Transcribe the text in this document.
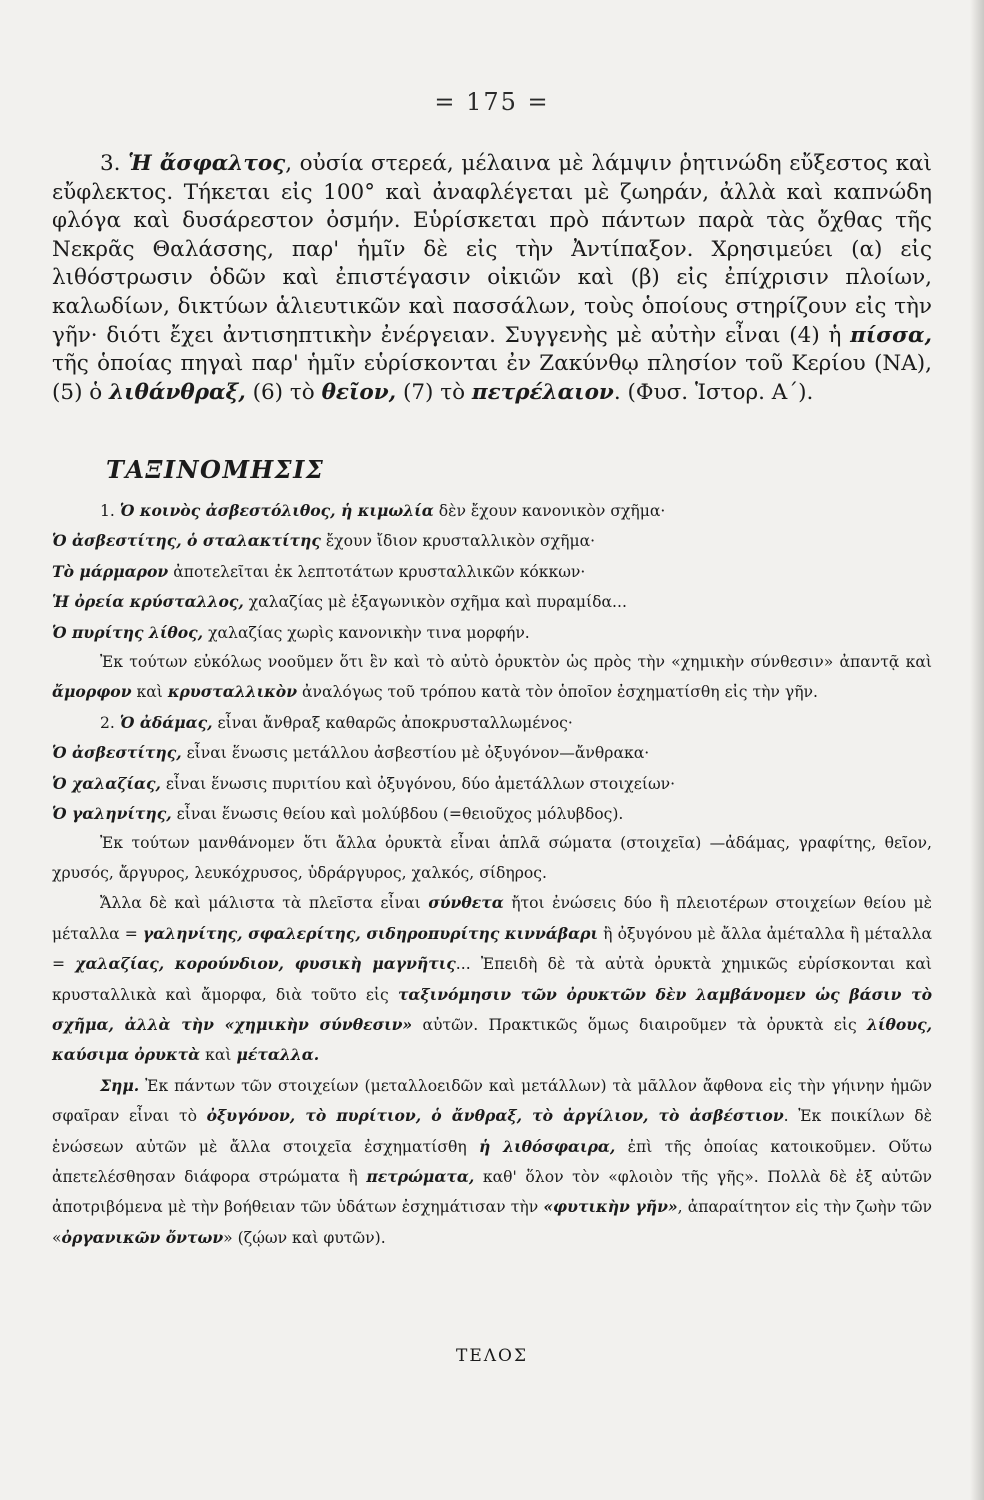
= 175 =
3. Ἡ ἄσφαλτος, οὐσία στερεά, μέλαινα μὲ λάμψιν ῥητινώδη εὔξεστος καὶ εὔφλεκτος. Τήκεται εἰς 100° καὶ ἀναφλέγεται μὲ ζωηράν, ἀλλὰ καὶ καπνώδη φλόγα καὶ δυσάρεστον ὀσμήν. Εὑρίσκεται πρὸ πάντων παρὰ τὰς ὄχθας τῆς Νεκρᾶς Θαλάσσης, παρ' ἡμῖν δὲ εἰς τὴν Ἀντίπαξον. Χρησιμεύει (α) εἰς λιθόστρωσιν ὁδῶν καὶ ἐπιστέγασιν οἰκιῶν καὶ (β) εἰς ἐπίχρισιν πλοίων, καλωδίων, δικτύων ἁλιευτικῶν καὶ πασσάλων, τοὺς ὁποίους στηρίζουν εἰς τὴν γῆν· διότι ἔχει ἀντισηπτικὴν ἐνέργειαν. Συγγενὴς μὲ αὐτὴν εἶναι (4) ἡ πίσσα, τῆς ὁποίας πηγαὶ παρ' ἡμῖν εὑρίσκονται ἐν Ζακύνθῳ πλησίον τοῦ Κερίου (ΝΑ), (5) ὁ λιθάνθραξ, (6) τὸ θεῖον, (7) τὸ πετρέλαιον. (Φυσ. Ἱστορ. Α΄).
ΤΑΞΙΝΟΜΗΣΙΣ

1. Ὁ κοινὸς ἀσβεστόλιθος, ἡ κιμωλία δὲν ἔχουν κανονικὸν σχῆμα·

Ὁ ἀσβεστίτης, ὁ σταλακτίτης ἔχουν ἴδιον κρυσταλλικὸν σχῆμα·

Τὸ μάρμαρον ἀποτελεῖται ἐκ λεπτοτάτων κρυσταλλικῶν κόκκων·

Ἡ ὀρεία κρύσταλλος, χαλαζίας μὲ ἑξαγωνικὸν σχῆμα καὶ πυραμίδα...

Ὁ πυρίτης λίθος, χαλαζίας χωρὶς κανονικὴν τινα μορφήν.

Ἐκ τούτων εὐκόλως νοοῦμεν ὅτι ἓν καὶ τὸ αὐτὸ ὀρυκτὸν ὡς πρὸς τὴν «χημικὴν σύνθεσιν» ἀπαντᾷ καὶ ἄμορφον καὶ κρυσταλλικὸν ἀναλόγως τοῦ τρόπου κατὰ τὸν ὁποῖον ἐσχηματίσθη εἰς τὴν γῆν.

2. Ὁ ἀδάμας, εἶναι ἄνθραξ καθαρῶς ἀποκρυσταλλωμένος·

Ὁ ἀσβεστίτης, εἶναι ἕνωσις μετάλλου ἀσβεστίου μὲ ὀξυγόνον—ἄνθρακα·

Ὁ χαλαζίας, εἶναι ἕνωσις πυριτίου καὶ ὀξυγόνου, δύο ἀμετάλλων στοιχείων·

Ὁ γαληνίτης, εἶναι ἕνωσις θείου καὶ μολύβδου (=θειοῦχος μόλυβδος).

Ἐκ τούτων μανθάνομεν ὅτι ἄλλα ὀρυκτὰ εἶναι ἁπλᾶ σώματα (στοιχεῖα) —ἀδάμας, γραφίτης, θεῖον, χρυσός, ἄργυρος, λευκόχρυσος, ὑδράργυρος, χαλκός, σίδηρος.

Ἄλλα δὲ καὶ μάλιστα τὰ πλεῖστα εἶναι σύνθετα ἤτοι ἐνώσεις δύο ἢ πλειοτέρων στοιχείων θείου μὲ μέταλλα = γαληνίτης, σφαλερίτης, σιδηροπυρίτης κιννάβαρι ἢ ὀξυγόνου μὲ ἄλλα ἀμέταλλα ἢ μέταλλα = χαλαζίας, κορούνδιον, φυσικὴ μαγνῆτις... Ἐπειδὴ δὲ τὰ αὐτὰ ὀρυκτὰ χημικῶς εὑρίσκονται καὶ κρυσταλλικὰ καὶ ἄμορφα, διὰ τοῦτο εἰς ταξινόμησιν τῶν ὀρυκτῶν δὲν λαμβάνομεν ὡς βάσιν τὸ σχῆμα, ἀλλὰ τὴν «χημικὴν σύνθεσιν» αὐτῶν. Πρακτικῶς ὅμως διαιροῦμεν τὰ ὀρυκτὰ εἰς λίθους, καύσιμα ὀρυκτὰ καὶ μέταλλα.

Σημ. Ἐκ πάντων τῶν στοιχείων (μεταλλοειδῶν καὶ μετάλλων) τὰ μᾶλλον ἄφθονα εἰς τὴν γήινην ἡμῶν σφαῖραν εἶναι τὸ ὀξυγόνον, τὸ πυρίτιον, ὁ ἄνθραξ, τὸ ἀργίλιον, τὸ ἀσβέστιον. Ἐκ ποικίλων δὲ ἑνώσεων αὐτῶν μὲ ἄλλα στοιχεῖα ἐσχηματίσθη ἡ λιθόσφαιρα, ἐπὶ τῆς ὁποίας κατοικοῦμεν. Οὕτω ἀπετελέσθησαν διάφορα στρώματα ἢ πετρώματα, καθ' ὅλον τὸν «φλοιὸν τῆς γῆς». Πολλὰ δὲ ἐξ αὐτῶν ἀποτριβόμενα μὲ τὴν βοήθειαν τῶν ὑδάτων ἐσχημάτισαν τὴν «φυτικὴν γῆν», ἀπαραίτητον εἰς τὴν ζωὴν τῶν «ὀργανικῶν ὄντων» (ζῴων καὶ φυτῶν).

ΤΕΛΟΣ
